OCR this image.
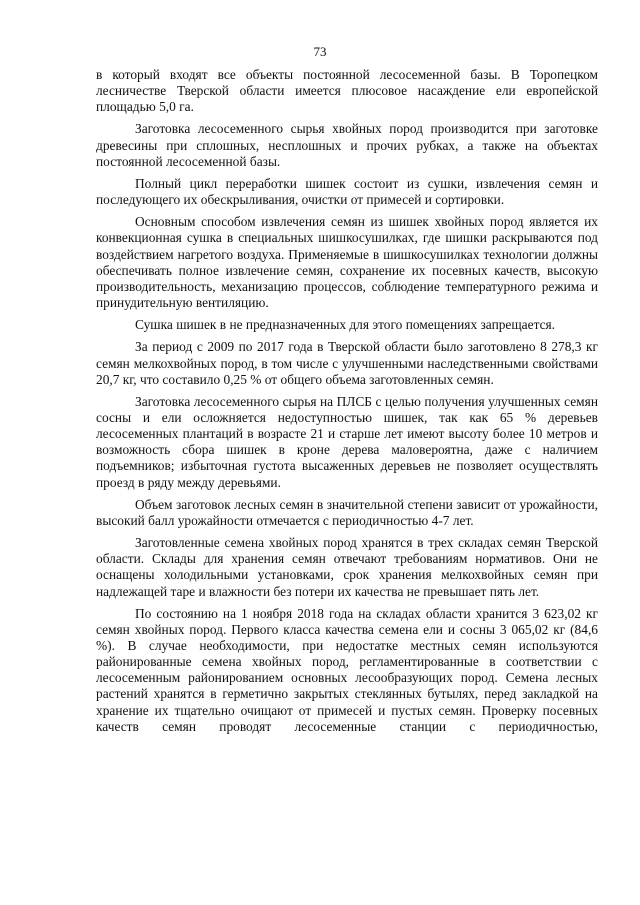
73

в который входят все объекты постоянной лесосеменной базы. В Торопецком лесничестве Тверской области имеется плюсовое насаждение ели европейской площадью 5,0 га.

Заготовка лесосеменного сырья хвойных пород производится при заготовке древесины при сплошных, несплошных и прочих рубках, а также на объектах постоянной лесосеменной базы.

Полный цикл переработки шишек состоит из сушки, извлечения семян и последующего их обескрыливания, очистки от примесей и сортировки.

Основным способом извлечения семян из шишек хвойных пород является их конвекционная сушка в специальных шишкосушилках, где шишки раскрываются под воздействием нагретого воздуха. Применяемые в шишкосушилках технологии должны обеспечивать полное извлечение семян, сохранение их посевных качеств, высокую производительность, механизацию процессов, соблюдение температурного режима и принудительную вентиляцию.

Сушка шишек в не предназначенных для этого помещениях запрещается.

За период с 2009 по 2017 года в Тверской области было заготовлено 8 278,3 кг семян мелкохвойных пород, в том числе с улучшенными наследственными свойствами 20,7 кг, что составило 0,25 % от общего объема заготовленных семян.

Заготовка лесосеменного сырья на ПЛСБ с целью получения улучшенных семян сосны и ели осложняется недоступностью шишек, так как 65 % деревьев лесосеменных плантаций в возрасте 21 и старше лет имеют высоту более 10 метров и возможность сбора шишек в кроне дерева маловероятна, даже с наличием подъемников; избыточная густота высаженных деревьев не позволяет осуществлять проезд в ряду между деревьями.

Объем заготовок лесных семян в значительной степени зависит от урожайности, высокий балл урожайности отмечается с периодичностью 4-7 лет.

Заготовленные семена хвойных пород хранятся в трех складах семян Тверской области. Склады для хранения семян отвечают требованиям нормативов. Они не оснащены холодильными установками, срок хранения мелкохвойных семян при надлежащей таре и влажности без потери их качества не превышает пять лет.

По состоянию на 1 ноября 2018 года на складах области хранится 3 623,02 кг семян хвойных пород. Первого класса качества семена ели и сосны 3 065,02 кг (84,6 %). В случае необходимости, при недостатке местных семян используются районированные семена хвойных пород, регламентированные в соответствии с лесосеменным районированием основных лесообразующих пород. Семена лесных растений хранятся в герметично закрытых стеклянных бутылях, перед закладкой на хранение их тщательно очищают от примесей и пустых семян. Проверку посевных качеств семян проводят лесосеменные станции с периодичностью,
